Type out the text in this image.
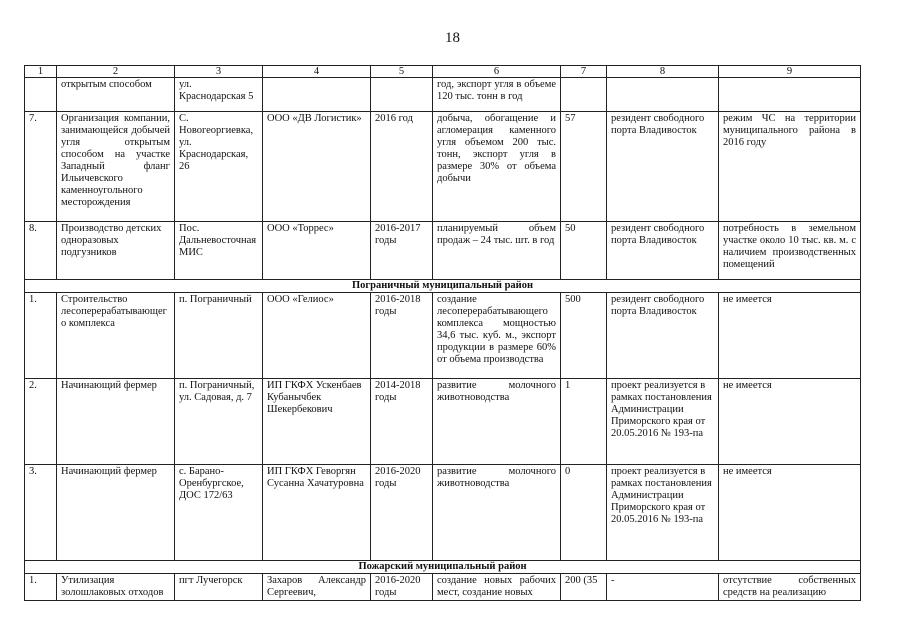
18
1	2	3	4	5	6	7	8	9
	открытым способом	ул. Краснодарская 5			год, экспорт угля в объеме 120 тыс. тонн в год			
7.	Организация компании, занимающейся добычей угля открытым способом на участке Западный фланг Ильичевского каменноугольного месторождения	С. Новогеоргиевка, ул. Краснодарская, 26	ООО «ДВ Логистик»	2016 год	добыча, обогащение и агломерация каменного угля объемом 200 тыс. тонн, экспорт угля в размере 30% от объема добычи	57	резидент свободного порта Владивосток	режим ЧС на территории муниципального района в 2016 году
8.	Производство детских одноразовых подгузников	Пос. Дальневосточная МИС	ООО «Торрес»	2016-2017 годы	планируемый объем продаж – 24 тыс. шт. в год	50	резидент свободного порта Владивосток	потребность в земельном участке около 10 тыс. кв. м. с наличием производственных помещений
Пограничный муниципальный район								
1.	Строительство лесоперерабатывающего комплекса	п. Пограничный	ООО «Гелиос»	2016-2018 годы	создание лесоперерабатывающего комплекса мощностью 34,6 тыс. куб. м., экспорт продукции в размере 60% от объема производства	500	резидент свободного порта Владивосток	не имеется
2.	Начинающий фермер	п. Пограничный, ул. Садовая, д. 7	ИП ГКФХ Ускенбаев Кубанычбек Шекербекович	2014-2018 годы	развитие молочного животноводства	1	проект реализуется в рамках постановления Администрации Приморского края от 20.05.2016 № 193-па	не имеется
3.	Начинающий фермер	с. Барано-Оренбургское, ДОС 172/63	ИП ГКФХ Геворгян Сусанна Хачатуровна	2016-2020 годы	развитие молочного животноводства	0	проект реализуется в рамках постановления Администрации Приморского края от 20.05.2016 № 193-па	не имеется
Пожарский муниципальный район								
1.	Утилизация золошлаковых отходов	пгт Лучегорск	Захаров Александр Сергеевич,	2016-2020 годы	создание новых рабочих мест, создание новых	200 (35	-	отсутствие собственных средств на реализацию
